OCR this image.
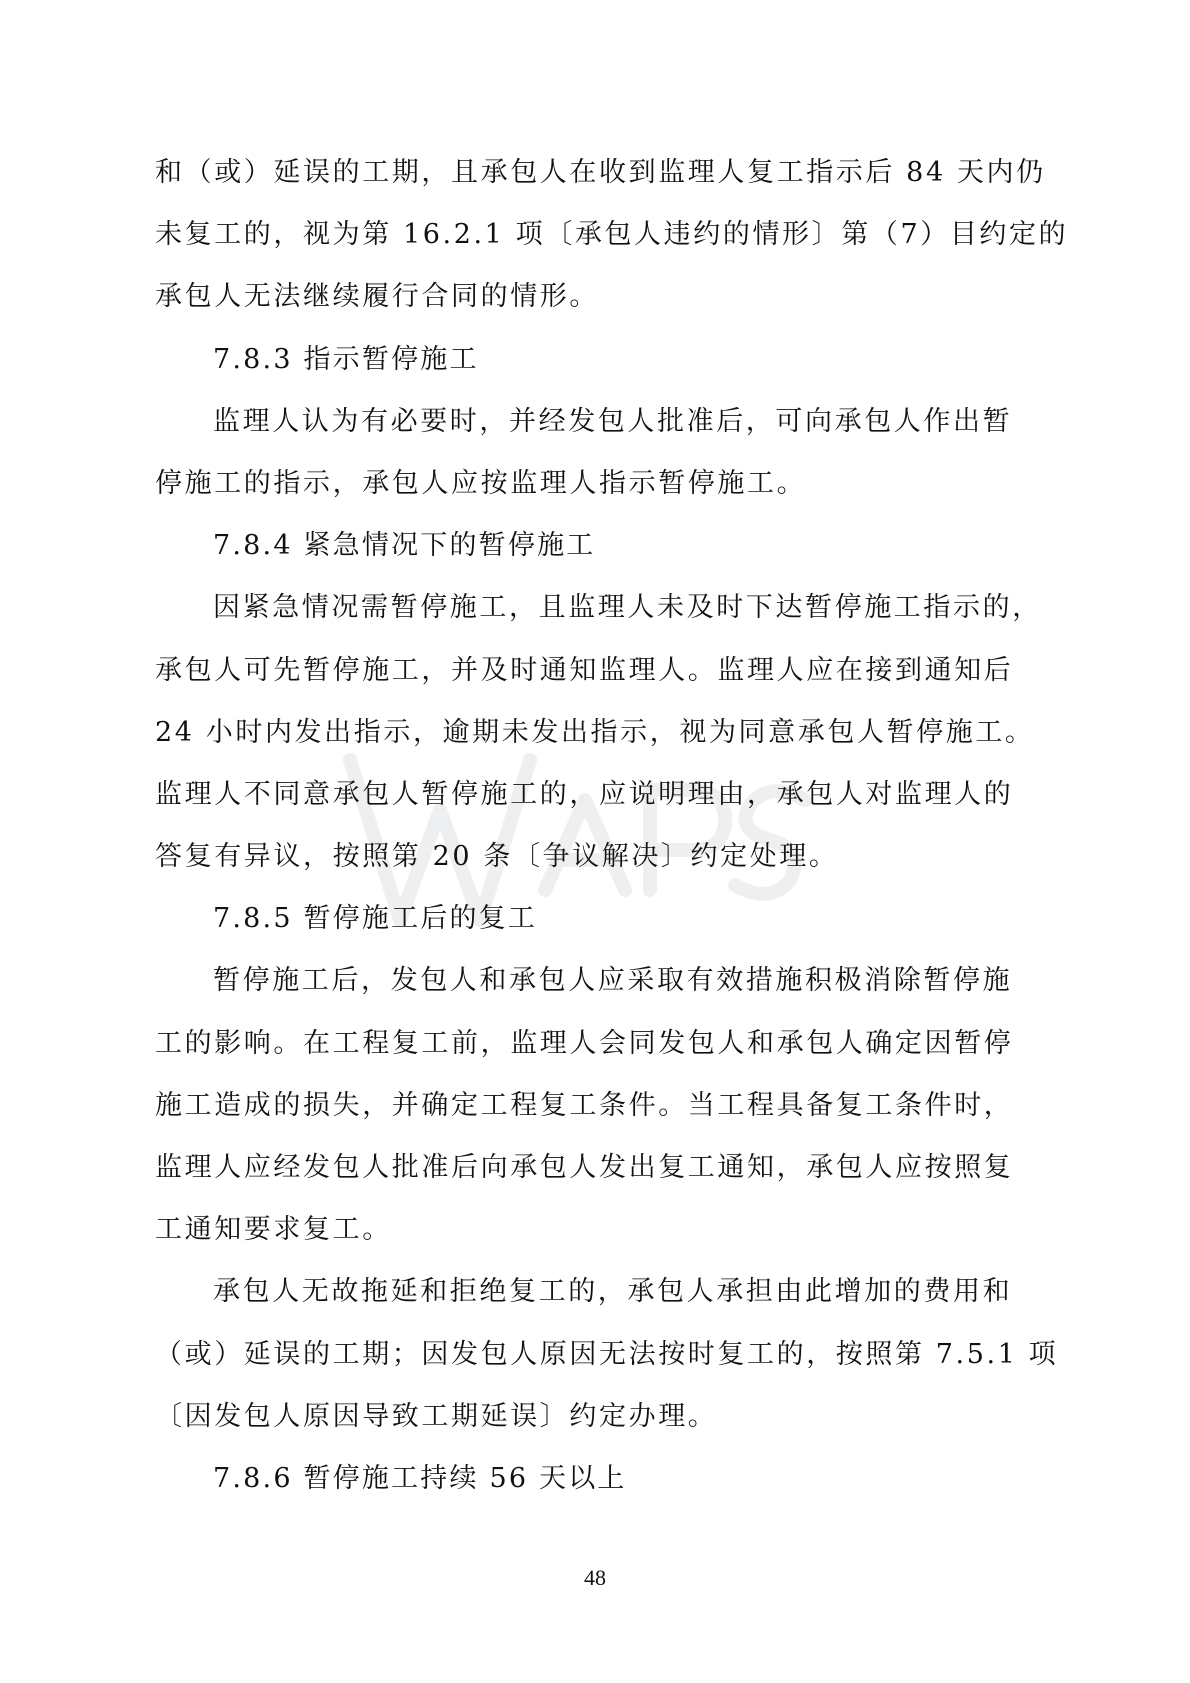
和（或）延误的工期，且承包人在收到监理人复工指示后 84 天内仍
未复工的，视为第 16.2.1 项〔承包人违约的情形〕第（7）目约定的
承包人无法继续履行合同的情形。
7.8.3 指示暂停施工
监理人认为有必要时，并经发包人批准后，可向承包人作出暂
停施工的指示，承包人应按监理人指示暂停施工。
7.8.4 紧急情况下的暂停施工
因紧急情况需暂停施工，且监理人未及时下达暂停施工指示的，
承包人可先暂停施工，并及时通知监理人。监理人应在接到通知后
24 小时内发出指示，逾期未发出指示，视为同意承包人暂停施工。
监理人不同意承包人暂停施工的，应说明理由，承包人对监理人的
答复有异议，按照第 20 条〔争议解决〕约定处理。
7.8.5 暂停施工后的复工
暂停施工后，发包人和承包人应采取有效措施积极消除暂停施
工的影响。在工程复工前，监理人会同发包人和承包人确定因暂停
施工造成的损失，并确定工程复工条件。当工程具备复工条件时，
监理人应经发包人批准后向承包人发出复工通知，承包人应按照复
工通知要求复工。
承包人无故拖延和拒绝复工的，承包人承担由此增加的费用和
（或）延误的工期；因发包人原因无法按时复工的，按照第 7.5.1 项
〔因发包人原因导致工期延误〕约定办理。
7.8.6 暂停施工持续 56 天以上
48
